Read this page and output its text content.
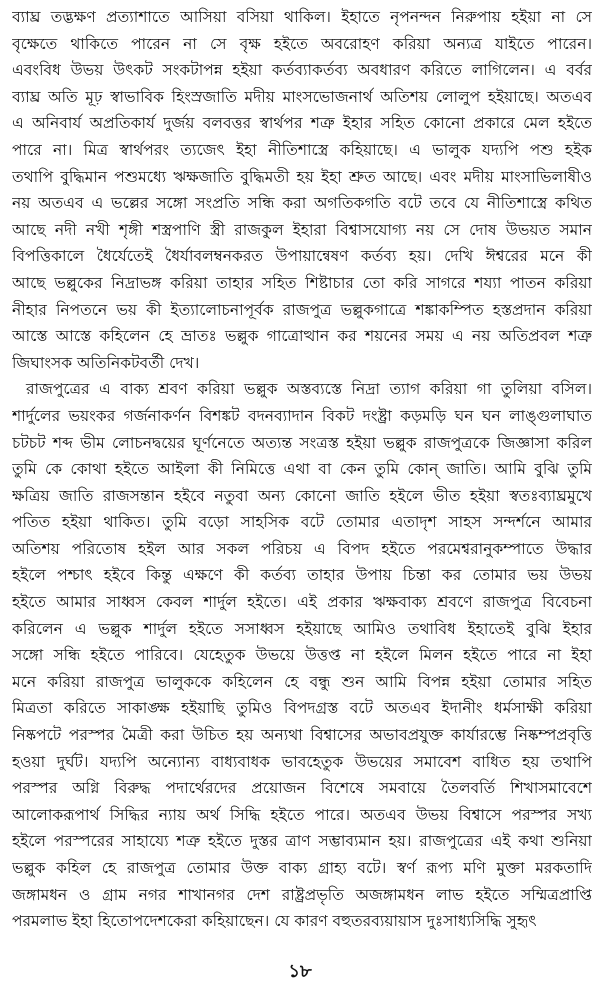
ব্যাঘ্র তদ্ভক্ষণ প্রত্যাশাতে আসিয়া বসিয়া থাকিল। ইহাতে নৃপনন্দন নিরুপায় হইয়া না সে
বৃক্ষেতে থাকিতে পারেন না সে বৃক্ষ হইতে অবরোহণ করিয়া অন্যত্র যাইতে পারেন।
এবংবিধ উভয় উৎকট সংকটাপন্ন হইয়া কর্তব্যাকর্তব্য অবধারণ করিতে লাগিলেন। এ বর্বর
ব্যাঘ্র অতি মূঢ় স্বাভাবিক হিংস্রজাতি মদীয় মাংসভোজনার্থ অতিশয় লোলুপ হইয়াছে। অতএব
এ অনিবার্য অপ্রতিকার্য দুর্জয় বলবত্তর স্বার্থপর শত্রু ইহার সহিত কোনো প্রকারে মেল হইতে
পারে না। মিত্র স্বার্থপরং ত্যজেৎ ইহা নীতিশাস্ত্রে কহিয়াছে। এ ভালুক যদ্যপি পশু হইক
তথাপি বুদ্ধিমান পশুমধ্যে ঋক্ষজাতি বুদ্ধিমতী হয় ইহা শ্রুত আছে। এবং মদীয় মাংসাভিলাষীও
নয় অতএব এ ভল্লের সঙ্গো সংপ্রতি সন্ধি করা অগতিকগতি বটে তবে যে নীতিশাস্ত্রে কথিত
আছে নদী নখী শৃঙ্গী শস্ত্রপাণি স্ত্রী রাজকুল ইহারা বিশ্বাসযোগ্য নয় সে দোষ উভয়ত সমান
বিপত্তিকালে ধৈর্যেতেই ধৈর্যাবলম্বনকরত উপায়ান্বেষণ কর্তব্য হয়। দেখি ঈশ্বরের মনে কী
আছে ভল্লুকের নিদ্রাভঙ্গ করিয়া তাহার সহিত শিষ্টাচার তো করি সাগরে শয্যা পাতন করিয়া
নীহার নিপতনে ভয় কী ইত্যালোচনাপূর্বক রাজপুত্র ভল্লুকগাত্রে শঙ্কাকম্পিত হস্তপ্রদান করিয়া
আস্তে আস্তে কহিলেন হে ভ্রাতঃ ভল্লুক গাত্রোত্থান কর শয়নের সময় এ নয় অতিপ্রবল শত্রু
জিঘাংসক অতিনিকটবর্তী দেখ।
রাজপুত্রের এ বাক্য শ্রবণ করিয়া ভল্লুক অস্তব্যস্তে নিদ্রা ত্যাগ করিয়া গা তুলিয়া বসিল।
শার্দুলের ভয়ংকর গর্জনাকর্ণন বিশঙ্কট বদনব্যাদান বিকট দংষ্ট্রা কড়মড়ি ঘন ঘন লাঙ্গুলাঘাত
চটচট শব্দ ভীম লোচনদ্বয়ের ঘূর্ণনেতে অত্যন্ত সংত্রস্ত হইয়া ভল্লুক রাজপুত্রকে জিজ্ঞাসা করিল
তুমি কে কোথা হইতে আইলা কী নিমিত্তে এথা বা কেন তুমি কোন্ জাতি। আমি বুঝি তুমি
ক্ষত্রিয় জাতি রাজসন্তান হইবে নতুবা অন্য কোনো জাতি হইলে ভীত হইয়া স্বতঃব্যাঘ্রমুখে
পতিত হইয়া থাকিত। তুমি বড়ো সাহসিক বটে তোমার এতাদৃশ সাহস সন্দর্শনে আমার
অতিশয় পরিতোষ হইল আর সকল পরিচয় এ বিপদ হইতে পরমেশ্বরানুকম্পাতে উদ্ধার
হইলে পশ্চাৎ হইবে কিন্তু এক্ষণে কী কর্তব্য তাহার উপায় চিন্তা কর তোমার ভয় উভয়
হইতে আমার সাধ্বস কেবল শার্দুল হইতে। এই প্রকার ঋক্ষবাক্য শ্রবণে রাজপুত্র বিবেচনা
করিলেন এ ভল্লুক শার্দুল হইতে সসাধ্বস হইয়াছে আমিও তথাবিধ ইহাতেই বুঝি ইহার
সঙ্গো সন্ধি হইতে পারিবে। যেহেতুক উভয়ে উত্তপ্ত না হইলে মিলন হইতে পারে না ইহা
মনে করিয়া রাজপুত্র ভালুককে কহিলেন হে বন্ধু শুন আমি বিপন্ন হইয়া তোমার সহিত
মিত্রতা করিতে সাকাঙ্ক্ষ হইয়াছি তুমিও বিপদগ্রস্ত বটে অতএব ইদানীং ধর্মসাক্ষী করিয়া
নিষ্কপটে পরস্পর মৈত্রী করা উচিত হয় অন্যথা বিশ্বাসের অভাবপ্রযুক্ত কার্যারম্ভে নিষ্কম্পপ্রবৃত্তি
হওয়া দুর্ঘট। যদ্যপি অন্যোন্য বাধ্যবাধক ভাবহেতুক উভয়ের সমাবেশ বাধিত হয় তথাপি
পরস্পর অগ্নি বিরুদ্ধ পদার্থেরদের প্রয়োজন বিশেষে সমবায়ে তৈলবর্তি শিখাসমাবেশে
আলোকরূপার্থ সিদ্ধির ন্যায় অর্থ সিদ্ধি হইতে পারে। অতএব উভয় বিশ্বাসে পরস্পর সখ্য
হইলে পরস্পরের সাহায্যে শত্রু হইতে দুস্তর ত্রাণ সম্ভাব্যমান হয়। রাজপুত্রের এই কথা শুনিয়া
ভল্লুক কহিল হে রাজপুত্র তোমার উক্ত বাক্য গ্রাহ্য বটে। স্বর্ণ রূপ্য মণি মুক্তা মরকতাদি
জঙ্গামধন ও গ্রাম নগর শাখানগর দেশ রাষ্ট্রপ্রভৃতি অজঙ্গামধন লাভ হইতে সম্মিত্রপ্রাপ্তি
পরমলাভ ইহা হিতোপদেশকেরা কহিয়াছেন। যে কারণ বহুতরব্যয়ায়াস দুঃসাধ্যসিদ্ধি সুহৃৎ
১৮
